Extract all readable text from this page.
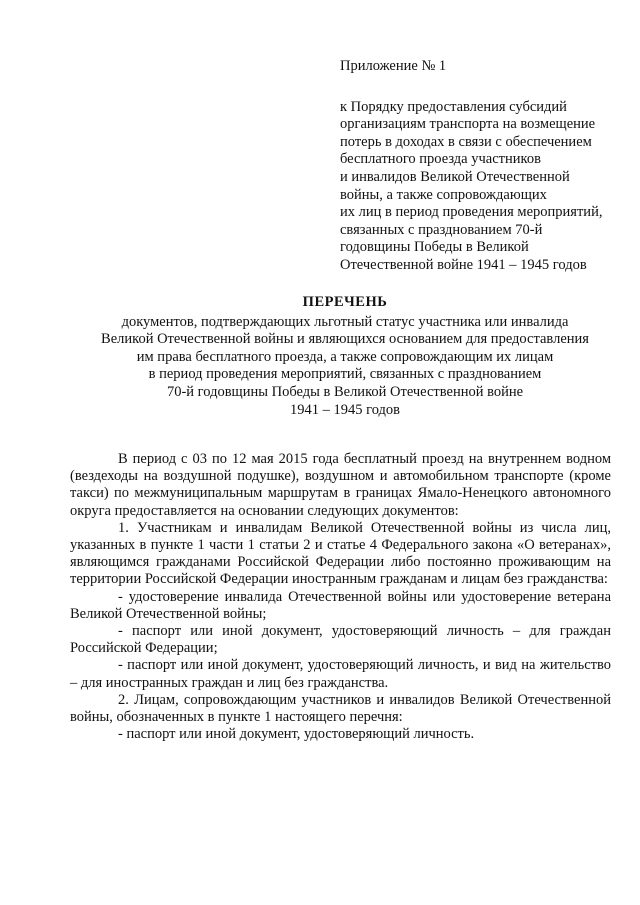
Приложение № 1
к Порядку предоставления субсидий
организациям транспорта на возмещение
потерь в доходах в связи с обеспечением
бесплатного проезда участников
и инвалидов Великой Отечественной
войны, а также сопровождающих
их лиц в период проведения мероприятий,
связанных с празднованием 70-й
годовщины Победы в Великой
Отечественной войне 1941 – 1945 годов
ПЕРЕЧЕНЬ
документов, подтверждающих льготный статус участника или инвалида
Великой Отечественной войны и являющихся основанием для предоставления
им права бесплатного проезда, а также сопровождающим их лицам
в период проведения мероприятий, связанных с празднованием
70-й годовщины Победы в Великой Отечественной войне
1941 – 1945 годов

В период с 03 по 12 мая 2015 года бесплатный проезд на внутреннем водном (вездеходы на воздушной подушке), воздушном и автомобильном транспорте (кроме такси) по межмуниципальным маршрутам в границах Ямало-Ненецкого автономного округа предоставляется на основании следующих документов:

1. Участникам и инвалидам Великой Отечественной войны из числа лиц, указанных в пункте 1 части 1 статьи 2 и статье 4 Федерального закона «О ветеранах», являющимся гражданами Российской Федерации либо постоянно проживающим на территории Российской Федерации иностранным гражданам и лицам без гражданства:

- удостоверение инвалида Отечественной войны или удостоверение ветерана Великой Отечественной войны;

- паспорт или иной документ, удостоверяющий личность – для граждан Российской Федерации;

- паспорт или иной документ, удостоверяющий личность, и вид на жительство – для иностранных граждан и лиц без гражданства.

2. Лицам, сопровождающим участников и инвалидов Великой Отечественной войны, обозначенных в пункте 1 настоящего перечня:

- паспорт или иной документ, удостоверяющий личность.
